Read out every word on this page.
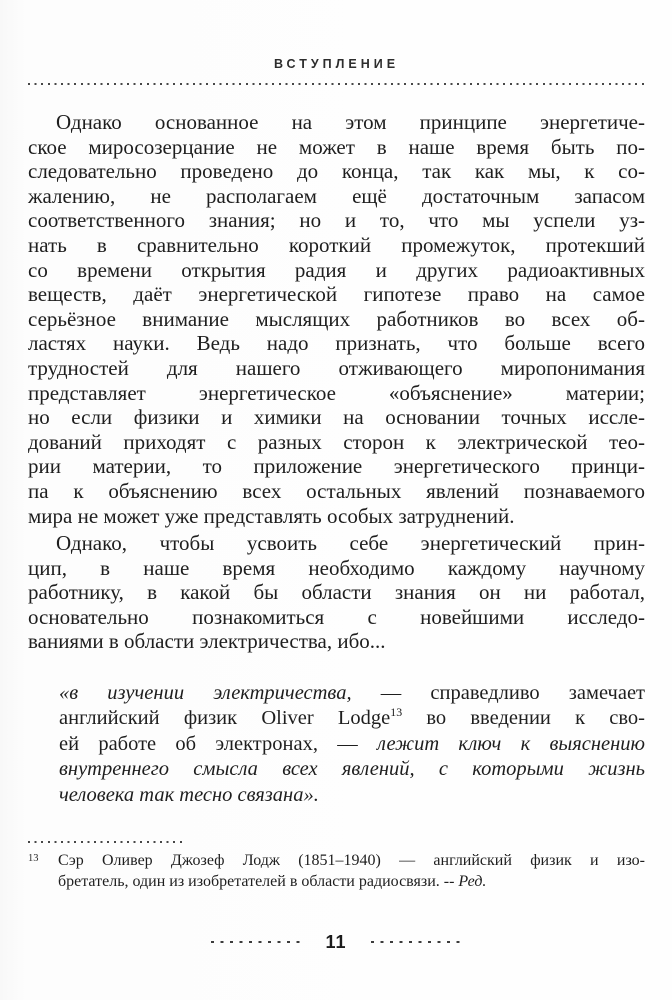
ВСТУПЛЕНИЕ
Однако основанное на этом принципе энергетиче-
ское миросозерцание не может в наше время быть по-
следовательно проведено до конца, так как мы, к со-
жалению, не располагаем ещё достаточным запасом
соответственного знания; но и то, что мы успели уз-
нать в сравнительно короткий промежуток, протекший
со времени открытия радия и других радиоактивных
веществ, даёт энергетической гипотезе право на самое
серьёзное внимание мыслящих работников во всех об-
ластях науки. Ведь надо признать, что больше всего
трудностей для нашего отживающего миропонимания
представляет энергетическое «объяснение» материи;
но если физики и химики на основании точных иссле-
дований приходят с разных сторон к электрической тео-
рии материи, то приложение энергетического принци-
па к объяснению всех остальных явлений познаваемого
мира не может уже представлять особых затруднений.
Однако, чтобы усвоить себе энергетический прин-
цип, в наше время необходимо каждому научному
работнику, в какой бы области знания он ни работал,
основательно познакомиться с новейшими исследо-
ваниями в области электричества, ибо...
«в изучении электричества, — справедливо замечает
английский физик Oliver Lodge$^{13}$ во введении к сво-
ей работе об электронах, — лежит ключ к выяснению
внутреннего смысла всех явлений, с которыми жизнь
человека так тесно связана».
13	Сэр Оливер Джозеф Лодж (1851–1940) — английский физик и изо-
бретатель, один из изобретателей в области радиосвязи. -- Ред.
11
